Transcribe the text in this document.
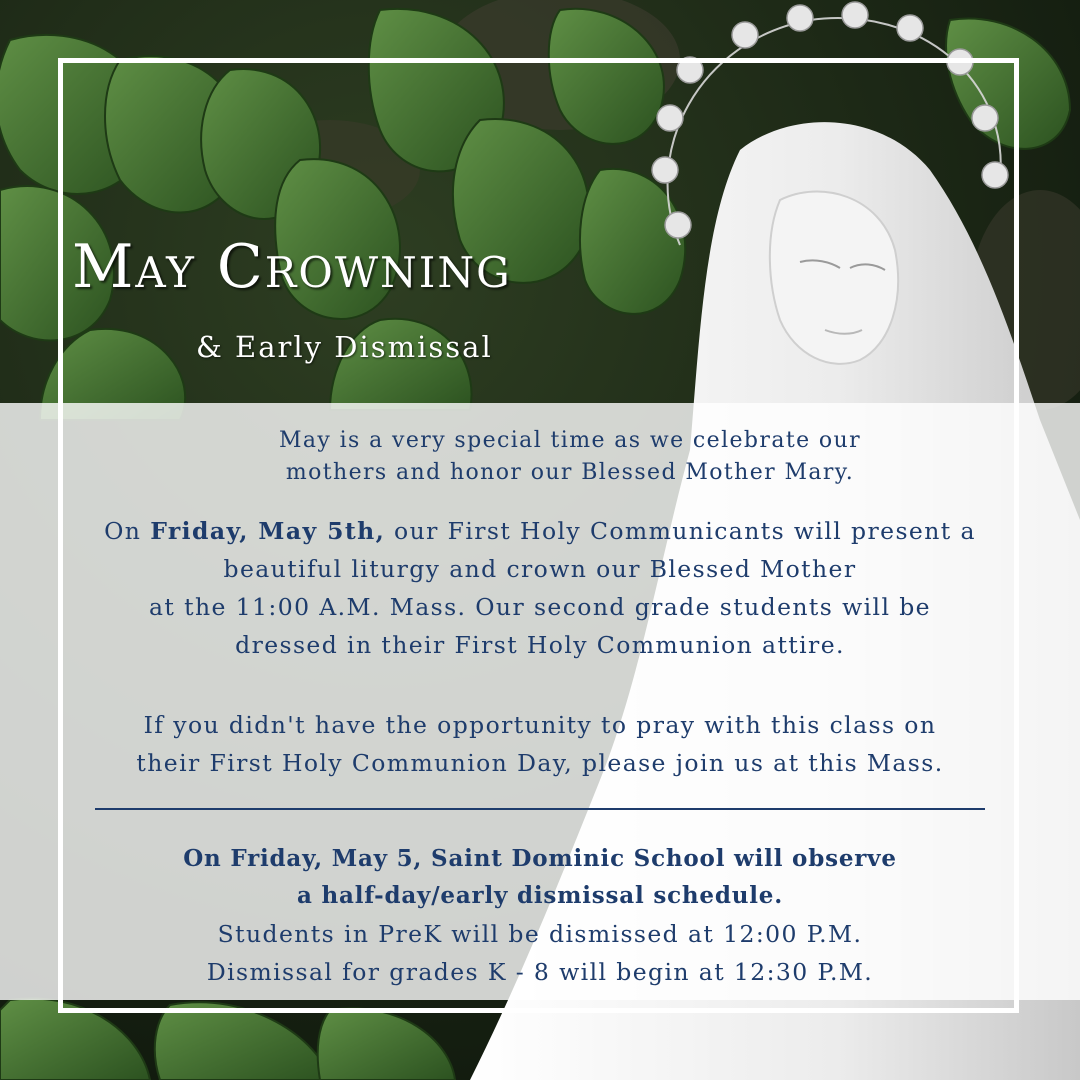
May Crowning
& Early Dismissal
May is a very special time as we celebrate our
mothers and honor our Blessed Mother Mary.
On Friday, May 5th, our First Holy Communicants will present a
beautiful liturgy and crown our Blessed Mother
at the 11:00 A.M. Mass. Our second grade students will be
dressed in their First Holy Communion attire.
If you didn't have the opportunity to pray with this class on
their First Holy Communion Day, please join us at this Mass.
On Friday, May 5, Saint Dominic School will observe
a half-day/early dismissal schedule.
Students in PreK will be dismissed at 12:00 P.M.
Dismissal for grades K - 8 will begin at 12:30 P.M.
